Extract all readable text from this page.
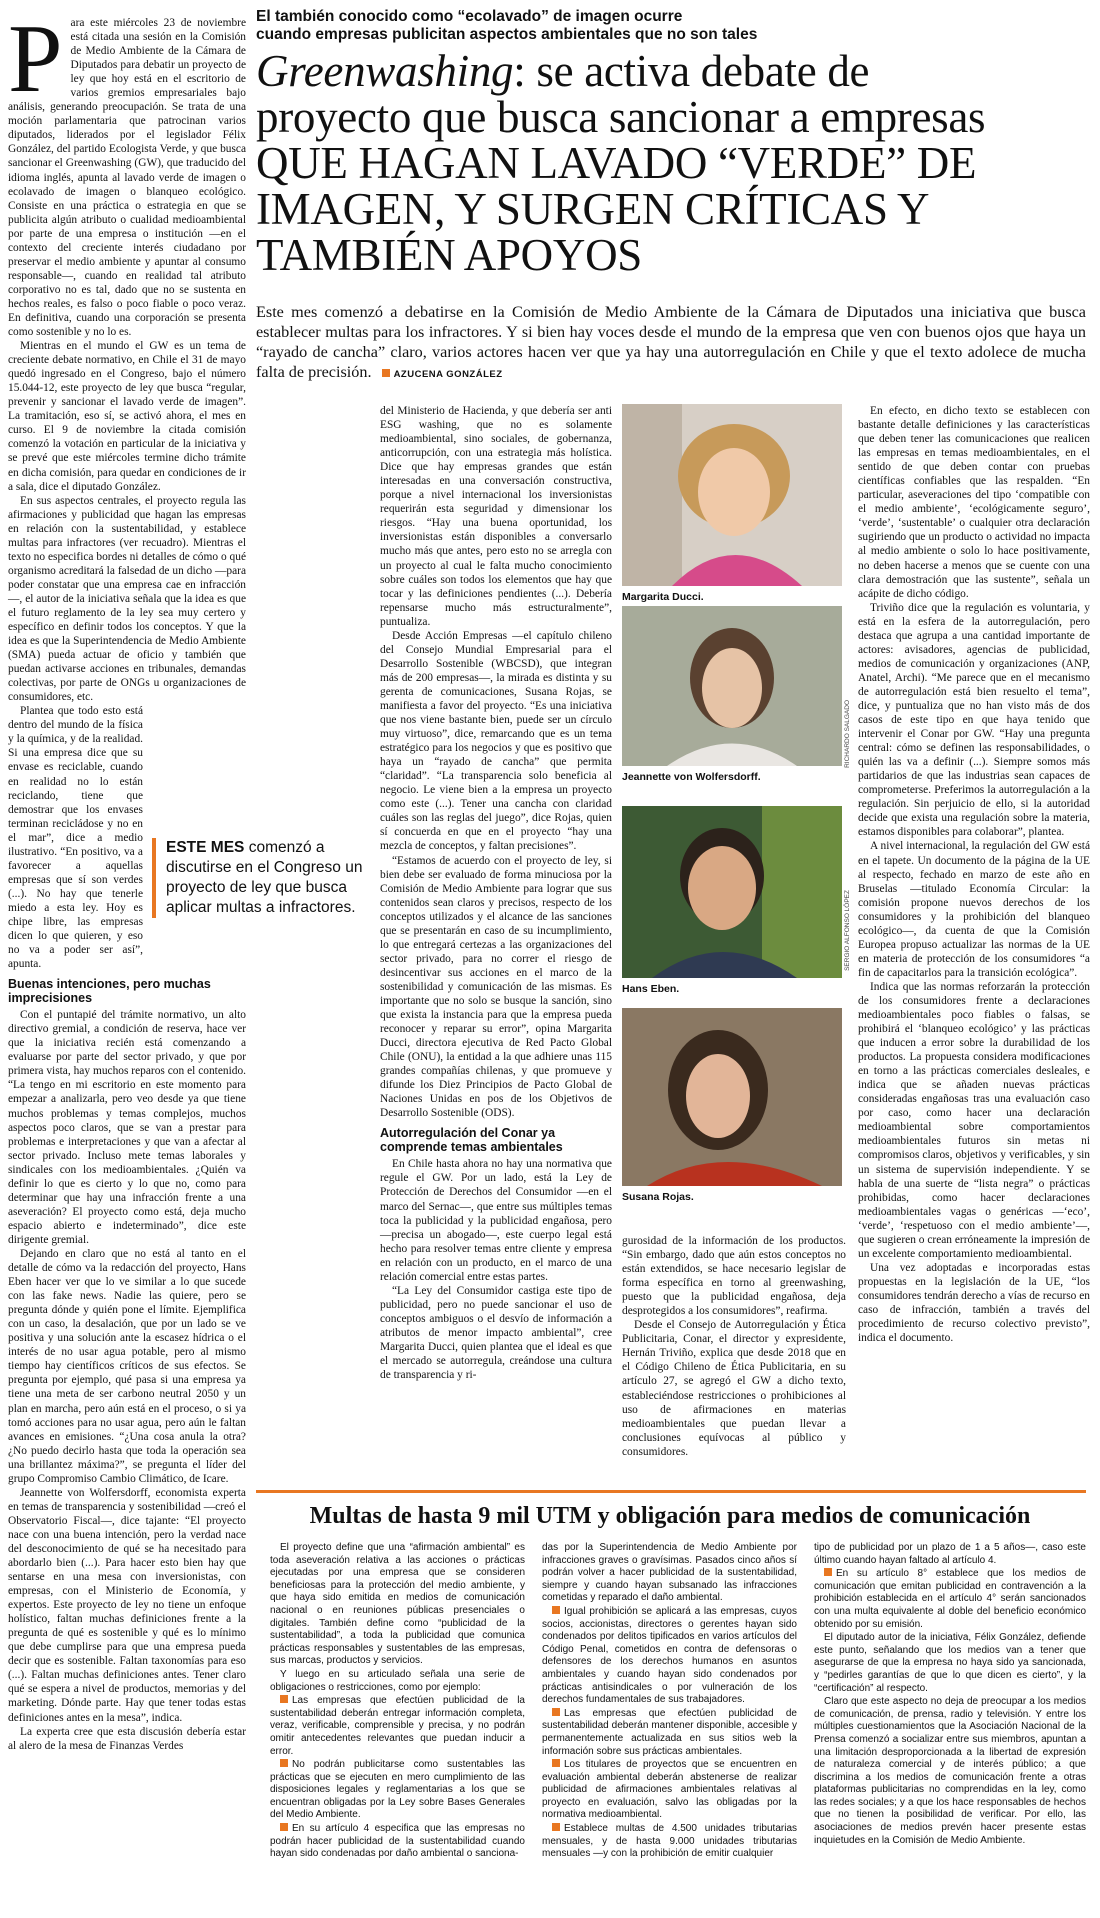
P ara este miércoles 23 de noviembre está citada una sesión en la Comisión de Medio Ambiente de la Cámara de Diputados para debatir un proyecto de ley que hoy está en el escritorio de varios gremios empresariales bajo análisis, generando preocupación. Se trata de una moción parlamentaria que patrocinan varios diputados, liderados por el legislador Félix González, del partido Ecologista Verde, y que busca sancionar el Greenwashing (GW), que traducido del idioma inglés, apunta al lavado verde de imagen o ecolavado de imagen o blanqueo ecológico. Consiste en una práctica o estrategia en que se publicita algún atributo o cualidad medioambiental por parte de una empresa o institución —en el contexto del creciente interés ciudadano por preservar el medio ambiente y apuntar al consumo responsable—, cuando en realidad tal atributo corporativo no es tal, dado que no se sustenta en hechos reales, es falso o poco fiable o poco veraz. En definitiva, cuando una corporación se presenta como sostenible y no lo es.

Mientras en el mundo el GW es un tema de creciente debate normativo, en Chile el 31 de mayo quedó ingresado en el Congreso, bajo el número 15.044-12, este proyecto de ley que busca “regular, prevenir y sancionar el lavado verde de imagen”. La tramitación, eso sí, se activó ahora, el mes en curso. El 9 de noviembre la citada comisión comenzó la votación en particular de la iniciativa y se prevé que este miércoles termine dicho trámite en dicha comisión, para quedar en condiciones de ir a sala, dice el diputado González.

En sus aspectos centrales, el proyecto regula las afirmaciones y publicidad que hagan las empresas en relación con la sustentabilidad, y establece multas para infractores (ver recuadro). Mientras el texto no especifica bordes ni detalles de cómo o qué organismo acreditará la falsedad de un dicho —para poder constatar que una empresa cae en infracción—, el autor de la iniciativa señala que la idea es que el futuro reglamento de la ley sea muy certero y específico en definir todos los conceptos. Y que la idea es que la Superintendencia de Medio Ambiente (SMA) pueda actuar de oficio y también que puedan activarse acciones en tribunales, demandas colectivas, por parte de ONGs u organizaciones de consumidores, etc.

Plantea que todo esto está dentro del mundo de la física y la química, y de la realidad. Si una empresa dice que su envase es reciclable, cuando en realidad no lo están reciclando, tiene que demostrar que los envases terminan recicládose y no en el mar”, dice a medio ilustrativo. “En positivo, va a favorecer a aquellas empresas que sí son verdes (...). No hay que tenerle miedo a esta ley. Hoy es chipe libre, las empresas dicen lo que quieren, y eso no va a poder ser así”, apunta.

Buenas intenciones, pero muchas imprecisiones

Con el puntapié del trámite normativo, un alto directivo gremial, a condición de reserva, hace ver que la iniciativa recién está comenzando a evaluarse por parte del sector privado, y que por primera vista, hay muchos reparos con el contenido. “La tengo en mi escritorio en este momento para empezar a analizarla, pero veo desde ya que tiene muchos problemas y temas complejos, muchos aspectos poco claros, que se van a prestar para problemas e interpretaciones y que van a afectar al sector privado. Incluso mete temas laborales y sindicales con los medioambientales. ¿Quién va definir lo que es cierto y lo que no, como para determinar que hay una infracción frente a una aseveración? El proyecto como está, deja mucho espacio abierto e indeterminado”, dice este dirigente gremial.

Dejando en claro que no está al tanto en el detalle de cómo va la redacción del proyecto, Hans Eben hacer ver que lo ve similar a lo que sucede con las fake news. Nadie las quiere, pero se pregunta dónde y quién pone el límite. Ejemplifica con un caso, la desalación, que por un lado se ve positiva y una solución ante la escasez hídrica o el interés de no usar agua potable, pero al mismo tiempo hay científicos críticos de sus efectos. Se pregunta por ejemplo, qué pasa si una empresa ya tiene una meta de ser carbono neutral 2050 y un plan en marcha, pero aún está en el proceso, o si ya tomó acciones para no usar agua, pero aún le faltan avances en emisiones. “¿Una cosa anula la otra? ¿No puedo decirlo hasta que toda la operación sea una brillantez máxima?”, se pregunta el líder del grupo Compromiso Cambio Climático, de Icare.

Jeannette von Wolfersdorff, economista experta en temas de transparencia y sostenibilidad —creó el Observatorio Fiscal—, dice tajante: “El proyecto nace con una buena intención, pero la verdad nace del desconocimiento de qué se ha necesitado para abordarlo bien (...). Para hacer esto bien hay que sentarse en una mesa con inversionistas, con empresas, con el Ministerio de Economía, y expertos. Este proyecto de ley no tiene un enfoque holístico, faltan muchas definiciones frente a la pregunta de qué es sostenible y qué es lo mínimo que debe cumplirse para que una empresa pueda decir que es sostenible. Faltan taxonomías para eso (...). Faltan muchas definiciones antes. Tener claro qué se espera a nivel de productos, memorias y del marketing. Dónde parte. Hay que tener todas estas definiciones antes en la mesa”, indica.

La experta cree que esta discusión debería estar al alero de la mesa de Finanzas Verdes

El también conocido como “ecolavado” de imagen ocurre
cuando empresas publicitan aspectos ambientales que no son tales
Greenwashing: se activa debate de
proyecto que busca sancionar a empresas
QUE HAGAN LAVADO “VERDE” DE
IMAGEN, Y SURGEN CRÍTICAS Y
TAMBIÉN APOYOS
Este mes comenzó a debatirse en la Comisión de Medio Ambiente de la Cámara de Diputados una iniciativa que busca establecer multas para los infractores. Y si bien hay voces desde el mundo de la empresa que ven con buenos ojos que haya un “rayado de cancha” claro, varios actores hacen ver que ya hay una autorregulación en Chile y que el texto adolece de mucha falta de precisión. AZUCENA GONZÁLEZ
ESTE MES comenzó a discutirse en el Congreso un proyecto de ley que busca aplicar multas a infractores.

del Ministerio de Hacienda, y que debería ser anti ESG washing, que no es solamente medioambiental, sino sociales, de gobernanza, anticorrupción, con una estrategia más holística. Dice que hay empresas grandes que están interesadas en una conversación constructiva, porque a nivel internacional los inversionistas requerirán esta seguridad y dimensionar los riesgos. “Hay una buena oportunidad, los inversionistas están disponibles a conversarlo mucho más que antes, pero esto no se arregla con un proyecto al cual le falta mucho conocimiento sobre cuáles son todos los elementos que hay que tocar y las definiciones pendientes (...). Debería repensarse mucho más estructuralmente”, puntualiza.

Desde Acción Empresas —el capítulo chileno del Consejo Mundial Empresarial para el Desarrollo Sostenible (WBCSD), que integran más de 200 empresas—, la mirada es distinta y su gerenta de comunicaciones, Susana Rojas, se manifiesta a favor del proyecto. “Es una iniciativa que nos viene bastante bien, puede ser un círculo muy virtuoso”, dice, remarcando que es un tema estratégico para los negocios y que es positivo que haya un “rayado de cancha” que permita “claridad”. “La transparencia solo beneficia al negocio. Le viene bien a la empresa un proyecto como este (...). Tener una cancha con claridad cuáles son las reglas del juego”, dice Rojas, quien sí concuerda en que en el proyecto “hay una mezcla de conceptos, y faltan precisiones”.

“Estamos de acuerdo con el proyecto de ley, si bien debe ser evaluado de forma minuciosa por la Comisión de Medio Ambiente para lograr que sus contenidos sean claros y precisos, respecto de los conceptos utilizados y el alcance de las sanciones que se presentarán en caso de su incumplimiento, lo que entregará certezas a las organizaciones del sector privado, para no correr el riesgo de desincentivar sus acciones en el marco de la sostenibilidad y comunicación de las mismas. Es importante que no solo se busque la sanción, sino que exista la instancia para que la empresa pueda reconocer y reparar su error”, opina Margarita Ducci, directora ejecutiva de Red Pacto Global Chile (ONU), la entidad a la que adhiere unas 115 grandes compañías chilenas, y que promueve y difunde los Diez Principios de Pacto Global de Naciones Unidas en pos de los Objetivos de Desarrollo Sostenible (ODS).

Autorregulación del Conar ya comprende temas ambientales

En Chile hasta ahora no hay una normativa que regule el GW. Por un lado, está la Ley de Protección de Derechos del Consumidor —en el marco del Sernac—, que entre sus múltiples temas toca la publicidad y la publicidad engañosa, pero —precisa un abogado—, este cuerpo legal está hecho para resolver temas entre cliente y empresa en relación con un producto, en el marco de una relación comercial entre estas partes.

“La Ley del Consumidor castiga este tipo de publicidad, pero no puede sancionar el uso de conceptos ambiguos o el desvío de información a atributos de menor impacto ambiental”, cree Margarita Ducci, quien plantea que el ideal es que el mercado se autorregula, creándose una cultura de transparencia y ri-

Margarita Ducci.
Jeannette von Wolfersdorff.
RICHARDO SALGADO
Hans Eben.
SERGIO ALFONSO LÓPEZ
Susana Rojas.

gurosidad de la información de los productos. “Sin embargo, dado que aún estos conceptos no están extendidos, se hace necesario legislar de forma específica en torno al greenwashing, puesto que la publicidad engañosa, deja desprotegidos a los consumidores”, reafirma.

Desde el Consejo de Autorregulación y Ética Publicitaria, Conar, el director y expresidente, Hernán Triviño, explica que desde 2018 que en el Código Chileno de Ética Publicitaria, en su artículo 27, se agregó el GW a dicho texto, estableciéndose restricciones o prohibiciones al uso de afirmaciones en materias medioambientales que puedan llevar a conclusiones equívocas al público y consumidores.

En efecto, en dicho texto se establecen con bastante detalle definiciones y las características que deben tener las comunicaciones que realicen las empresas en temas medioambientales, en el sentido de que deben contar con pruebas científicas confiables que las respalden. “En particular, aseveraciones del tipo ‘compatible con el medio ambiente’, ‘ecológicamente seguro’, ‘verde’, ‘sustentable’ o cualquier otra declaración sugiriendo que un producto o actividad no impacta al medio ambiente o solo lo hace positivamente, no deben hacerse a menos que se cuente con una clara demostración que las sustente”, señala un acápite de dicho código.

Triviño dice que la regulación es voluntaria, y está en la esfera de la autorregulación, pero destaca que agrupa a una cantidad importante de actores: avisadores, agencias de publicidad, medios de comunicación y organizaciones (ANP, Anatel, Archi). “Me parece que en el mecanismo de autorregulación está bien resuelto el tema”, dice, y puntualiza que no han visto más de dos casos de este tipo en que haya tenido que intervenir el Conar por GW. “Hay una pregunta central: cómo se definen las responsabilidades, o quién las va a definir (...). Siempre somos más partidarios de que las industrias sean capaces de comprometerse. Preferimos la autorregulación a la regulación. Sin perjuicio de ello, si la autoridad decide que exista una regulación sobre la materia, estamos disponibles para colaborar”, plantea.

A nivel internacional, la regulación del GW está en el tapete. Un documento de la página de la UE al respecto, fechado en marzo de este año en Bruselas —titulado Economía Circular: la comisión propone nuevos derechos de los consumidores y la prohibición del blanqueo ecológico—, da cuenta de que la Comisión Europea propuso actualizar las normas de la UE en materia de protección de los consumidores “a fin de capacitarlos para la transición ecológica”.

Indica que las normas reforzarán la protección de los consumidores frente a declaraciones medioambientales poco fiables o falsas, se prohibirá el ‘blanqueo ecológico’ y las prácticas que inducen a error sobre la durabilidad de los productos. La propuesta considera modificaciones en torno a las prácticas comerciales desleales, e indica que se añaden nuevas prácticas consideradas engañosas tras una evaluación caso por caso, como hacer una declaración medioambiental sobre comportamientos medioambientales futuros sin metas ni compromisos claros, objetivos y verificables, y sin un sistema de supervisión independiente. Y se habla de una suerte de “lista negra” o prácticas prohibidas, como hacer declaraciones medioambientales vagas o genéricas —‘eco’, ‘verde’, ‘respetuoso con el medio ambiente’—, que sugieren o crean erróneamente la impresión de un excelente comportamiento medioambiental.

Una vez adoptadas e incorporadas estas propuestas en la legislación de la UE, “los consumidores tendrán derecho a vías de recurso en caso de infracción, también a través del procedimiento de recurso colectivo previsto”, indica el documento.

Multas de hasta 9 mil UTM y obligación para medios de comunicación

El proyecto define que una “afirmación ambiental” es toda aseveración relativa a las acciones o prácticas ejecutadas por una empresa que se consideren beneficiosas para la protección del medio ambiente, y que haya sido emitida en medios de comunicación nacional o en reuniones públicas presenciales o digitales. También define como “publicidad de la sustentabilidad”, a toda la publicidad que comunica prácticas responsables y sustentables de las empresas, sus marcas, productos y servicios.

Y luego en su articulado señala una serie de obligaciones o restricciones, como por ejemplo:

Las empresas que efectúen publicidad de la sustentabilidad deberán entregar información completa, veraz, verificable, comprensible y precisa, y no podrán omitir antecedentes relevantes que puedan inducir a error.

No podrán publicitarse como sustentables las prácticas que se ejecuten en mero cumplimiento de las disposiciones legales y reglamentarias a los que se encuentran obligadas por la Ley sobre Bases Generales del Medio Ambiente.

En su artículo 4 especifica que las empresas no podrán hacer publicidad de la sustentabilidad cuando hayan sido condenadas por daño ambiental o sanciona-

das por la Superintendencia de Medio Ambiente por infracciones graves o gravísimas. Pasados cinco años sí podrán volver a hacer publicidad de la sustentabilidad, siempre y cuando hayan subsanado las infracciones cometidas y reparado el daño ambiental.

Igual prohibición se aplicará a las empresas, cuyos socios, accionistas, directores o gerentes hayan sido condenados por delitos tipificados en varios artículos del Código Penal, cometidos en contra de defensoras o defensores de los derechos humanos en asuntos ambientales y cuando hayan sido condenados por prácticas antisindicales o por vulneración de los derechos fundamentales de sus trabajadores.

Las empresas que efectúen publicidad de sustentabilidad deberán mantener disponible, accesible y permanentemente actualizada en sus sitios web la información sobre sus prácticas ambientales.

Los titulares de proyectos que se encuentren en evaluación ambiental deberán abstenerse de realizar publicidad de afirmaciones ambientales relativas al proyecto en evaluación, salvo las obligadas por la normativa medioambiental.

Establece multas de 4.500 unidades tributarias mensuales, y de hasta 9.000 unidades tributarias mensuales —y con la prohibición de emitir cualquier

tipo de publicidad por un plazo de 1 a 5 años—, caso este último cuando hayan faltado al artículo 4.

En su artículo 8° establece que los medios de comunicación que emitan publicidad en contravención a la prohibición establecida en el artículo 4° serán sancionados con una multa equivalente al doble del beneficio económico obtenido por su emisión.

El diputado autor de la iniciativa, Félix González, defiende este punto, señalando que los medios van a tener que asegurarse de que la empresa no haya sido ya sancionada, y “pedirles garantías de que lo que dicen es cierto”, y la “certificación” al respecto.

Claro que este aspecto no deja de preocupar a los medios de comunicación, de prensa, radio y televisión. Y entre los múltiples cuestionamientos que la Asociación Nacional de la Prensa comenzó a socializar entre sus miembros, apuntan a una limitación desproporcionada a la libertad de expresión de naturaleza comercial y de interés público; a que discrimina a los medios de comunicación frente a otras plataformas publicitarias no comprendidas en la ley, como las redes sociales; y a que los hace responsables de hechos que no tienen la posibilidad de verificar. Por ello, las asociaciones de medios prevén hacer presente estas inquietudes en la Comisión de Medio Ambiente.
